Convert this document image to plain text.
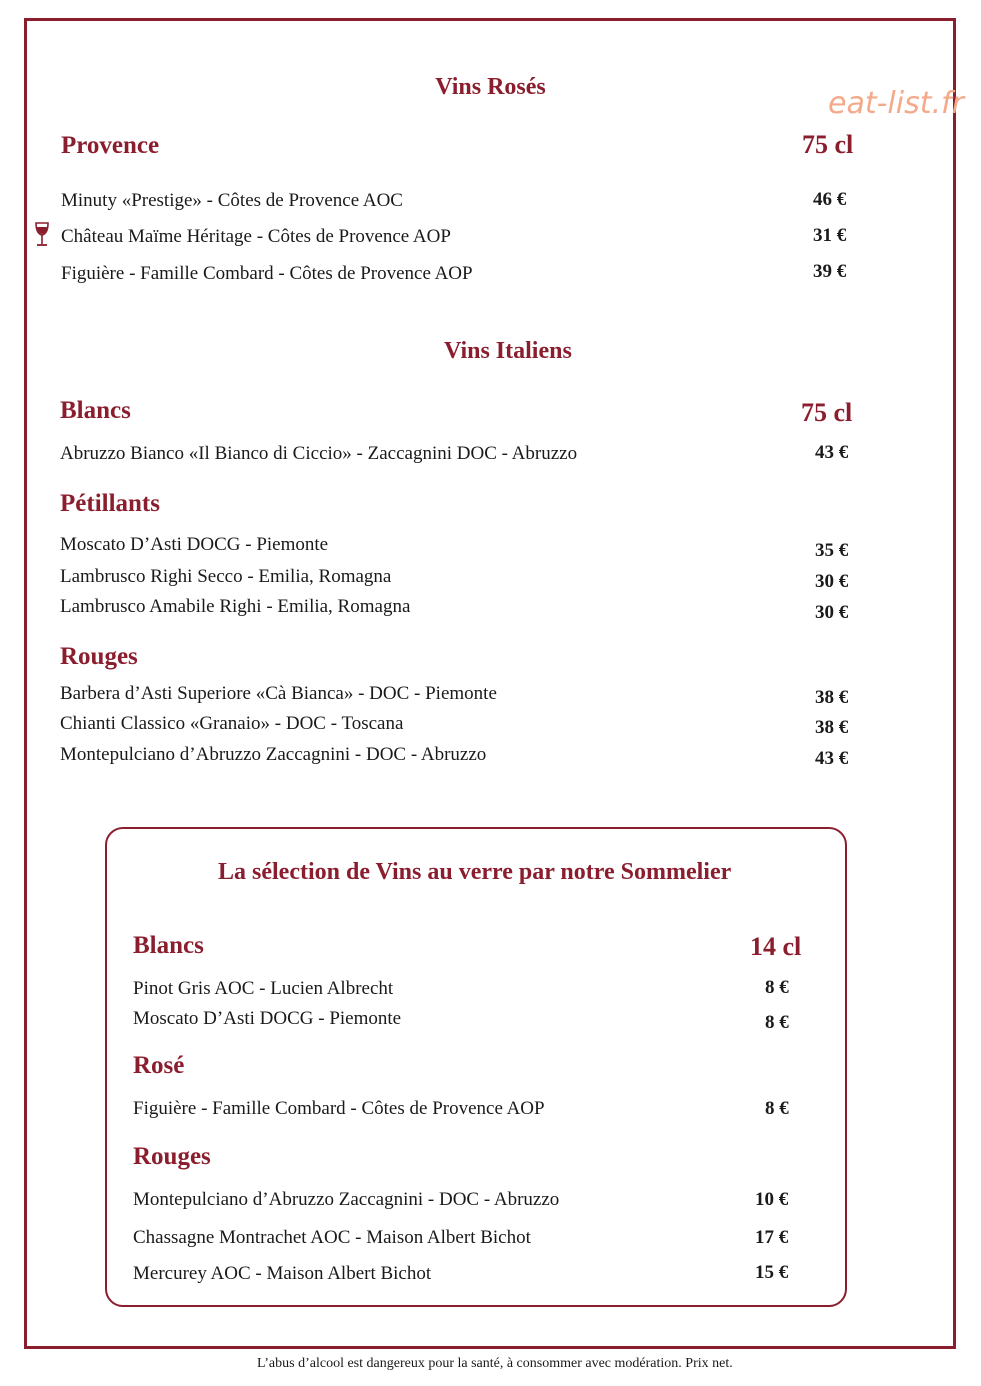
Vins Rosés	eat-list.fr
Provence	75 cl
Minuty «Prestige» - Côtes de Provence AOC	46 €
Château Maïme Héritage - Côtes de Provence AOP	31 €
Figuière - Famille Combard - Côtes de Provence AOP	39 €
Vins Italiens
Blancs	75 cl
Abruzzo Bianco «Il Bianco di Ciccio» - Zaccagnini DOC - Abruzzo	43 €
Pétillants
Moscato D’Asti DOCG - Piemonte	35 €
Lambrusco Righi Secco - Emilia, Romagna	30 €
Lambrusco Amabile Righi - Emilia, Romagna	30 €
Rouges
Barbera d’Asti Superiore «Cà Bianca» - DOC - Piemonte	38 €
Chianti Classico «Granaio» - DOC - Toscana	38 €
Montepulciano d’Abruzzo Zaccagnini - DOC - Abruzzo	43 €
La sélection de Vins au verre par notre Sommelier
Blancs	14 cl
Pinot Gris AOC - Lucien Albrecht	8 €
Moscato D’Asti DOCG - Piemonte	8 €
Rosé
Figuière - Famille Combard - Côtes de Provence AOP	8 €
Rouges
Montepulciano d’Abruzzo Zaccagnini - DOC - Abruzzo	10 €
Chassagne Montrachet AOC - Maison Albert Bichot	17 €
Mercurey AOC - Maison Albert Bichot	15 €
L’abus d’alcool est dangereux pour la santé, à consommer avec modération. Prix net.
